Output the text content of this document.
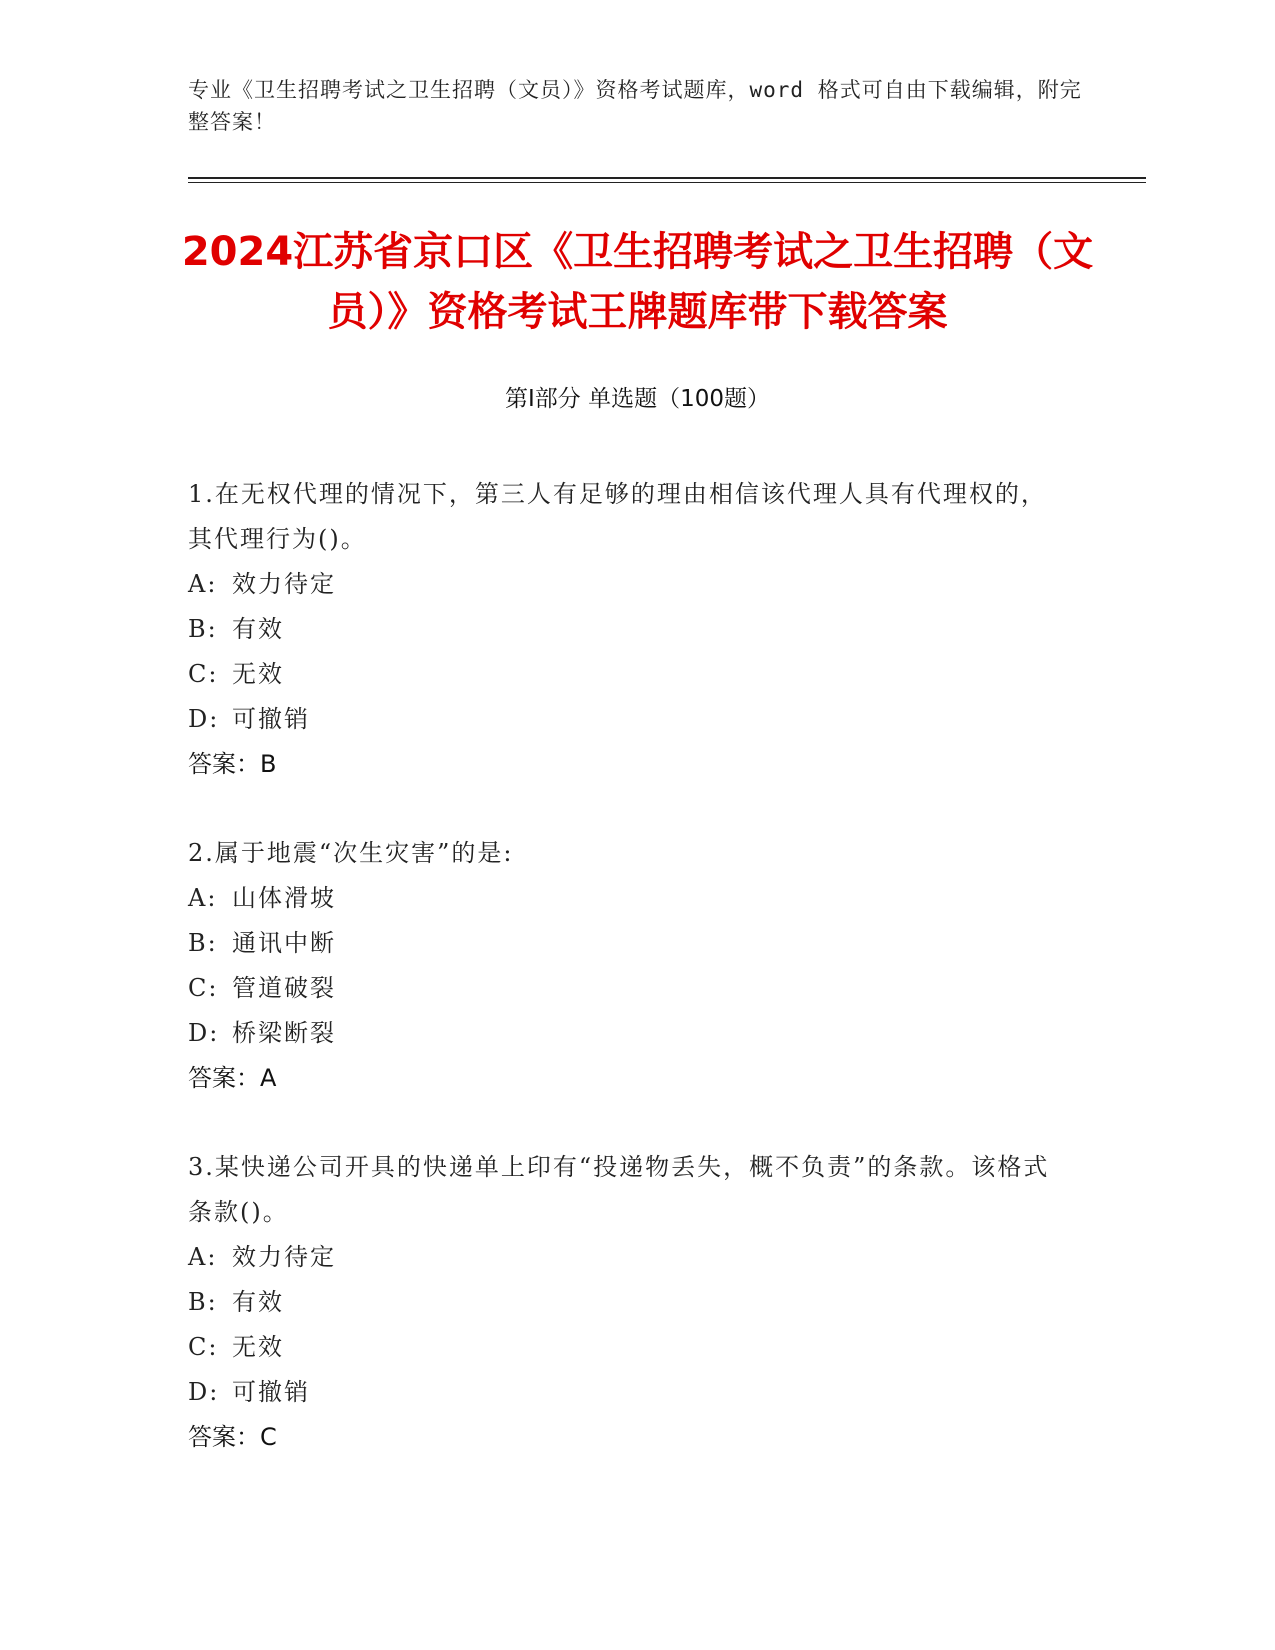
专业《卫生招聘考试之卫生招聘（文员）》资格考试题库，word 格式可自由下载编辑，附完整答案！
2024江苏省京口区《卫生招聘考试之卫生招聘（文员）》资格考试王牌题库带下载答案
第Ⅰ部分 单选题（100题）
1.在无权代理的情况下，第三人有足够的理由相信该代理人具有代理权的，其代理行为()。
A: 效力待定
B: 有效
C: 无效
D: 可撤销
答案：B
2.属于地震“次生灾害”的是:
A: 山体滑坡
B: 通讯中断
C: 管道破裂
D: 桥梁断裂
答案：A
3.某快递公司开具的快递单上印有“投递物丢失，概不负责”的条款。该格式条款()。
A: 效力待定
B: 有效
C: 无效
D: 可撤销
答案：C
